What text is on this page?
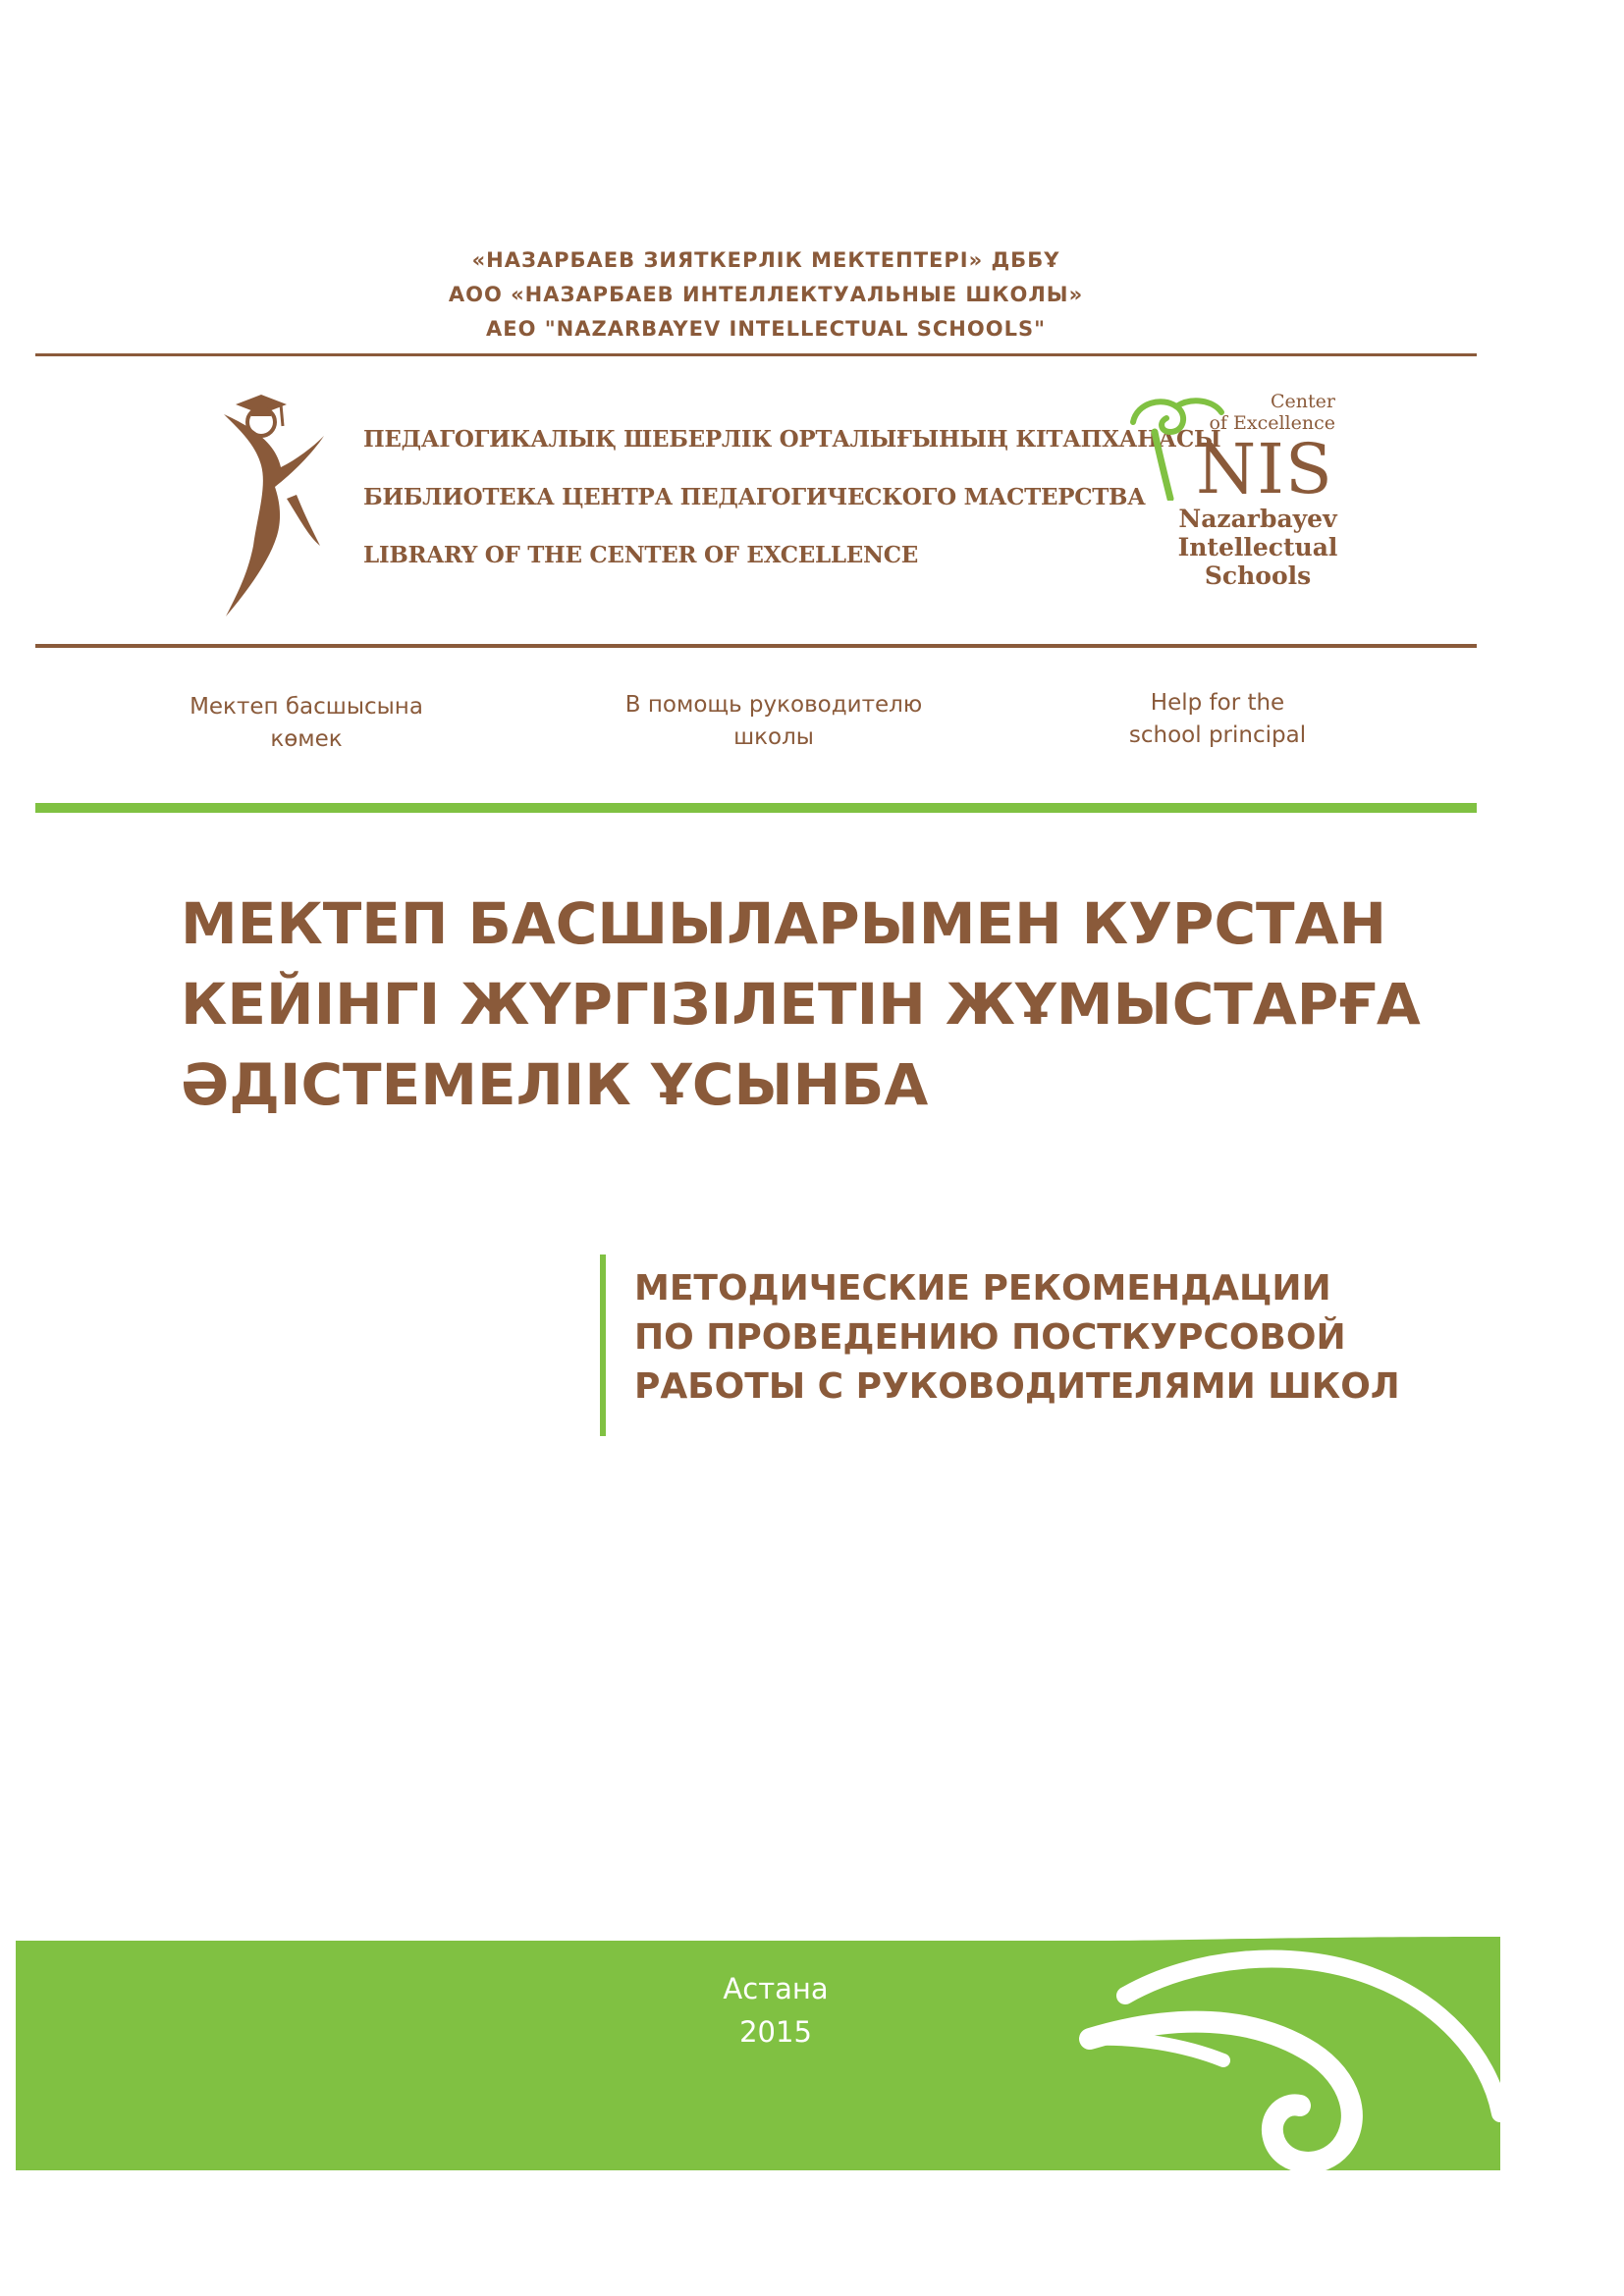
«НАЗАРБАЕВ ЗИЯТКЕРЛІК МЕКТЕПТЕРІ» ДББҰ
АОО «НАЗАРБАЕВ ИНТЕЛЛЕКТУАЛЬНЫЕ ШКОЛЫ»
AEO "NAZARBAYEV INTELLECTUAL SCHOOLS"
ПЕДАГОГИКАЛЫҚ ШЕБЕРЛІК ОРТАЛЫҒЫНЫҢ КІТАПХАНАСЫ
БИБЛИОТЕКА ЦЕНТРА ПЕДАГОГИЧЕСКОГО МАСТЕРСТВА
LIBRARY OF THE CENTER OF EXCELLENCE
Center
of Excellence
NIS
Nazarbayev
Intellectual
Schools
Мектеп басшысына
көмек
В помощь руководителю
школы
Help for the
school principal
МЕКТЕП БАСШЫЛАРЫМЕН КУРСТАН
КЕЙІНГІ ЖҮРГІЗІЛЕТІН ЖҰМЫСТАРҒА
ӘДІСТЕМЕЛІК ҰСЫНБА
МЕТОДИЧЕСКИЕ РЕКОМЕНДАЦИИ
ПО ПРОВЕДЕНИЮ ПОСТКУРСОВОЙ
РАБОТЫ С РУКОВОДИТЕЛЯМИ ШКОЛ
Астана
2015
